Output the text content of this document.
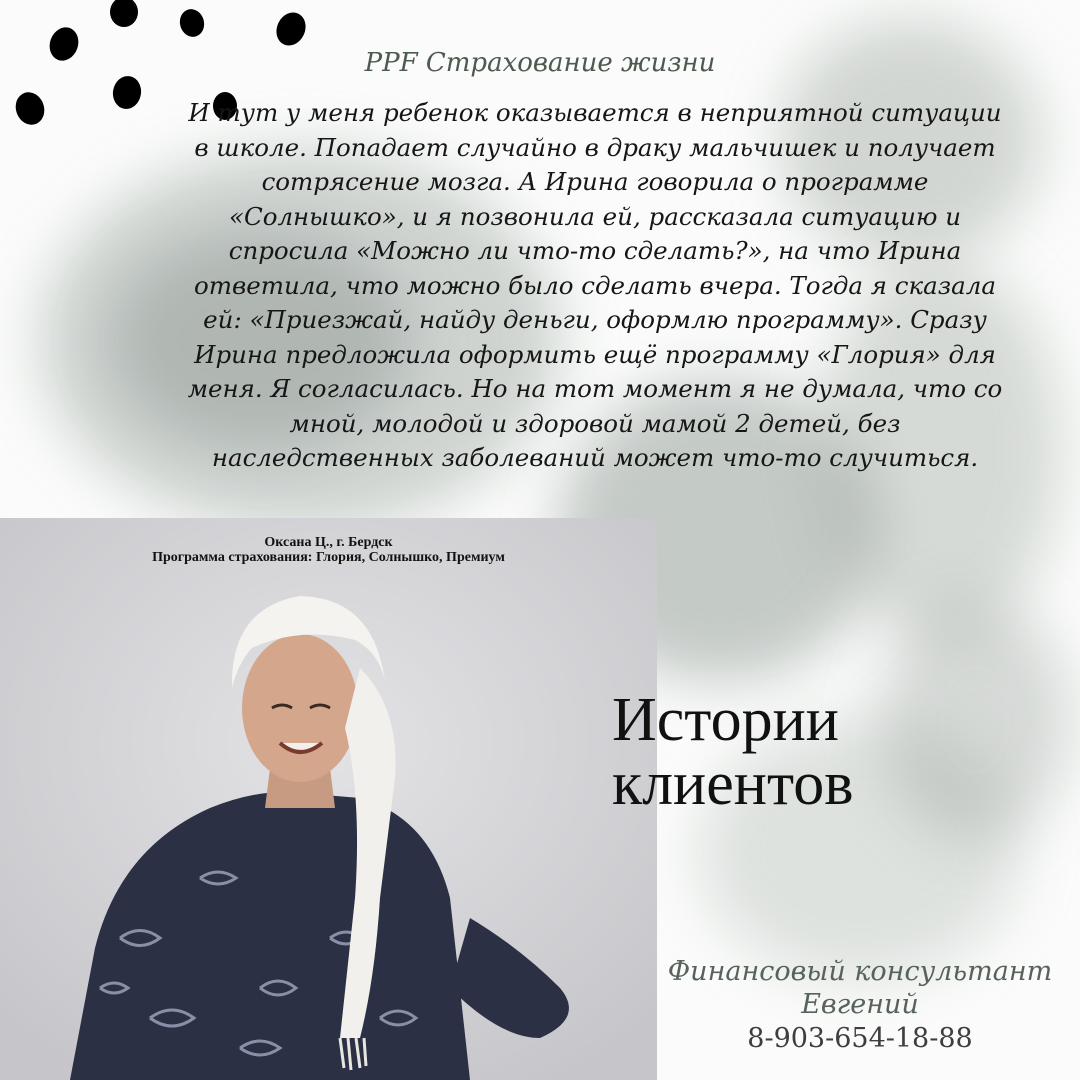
PPF Страхование жизни

И тут у меня ребенок оказывается в неприятной ситуации в школе. Попадает случайно в драку мальчишек и получает сотрясение мозга. А Ирина говорила о программе «Солнышко», и я позвонила ей, рассказала ситуацию и спросила «Можно ли что-то сделать?», на что Ирина ответила, что можно было сделать вчера. Тогда я сказала ей: «Приезжай, найду деньги, оформлю программу». Сразу Ирина предложила оформить ещё программу «Глория» для меня. Я согласилась. Но на тот момент я не думала, что со мной, молодой и здоровой мамой 2 детей, без наследственных заболеваний может что-то случиться.

Оксана Ц., г. Бердск
Программа страхования: Глория, Солнышко, Премиум
Истории
клиентов
Финансовый консультант
Евгений
8-903-654-18-88
